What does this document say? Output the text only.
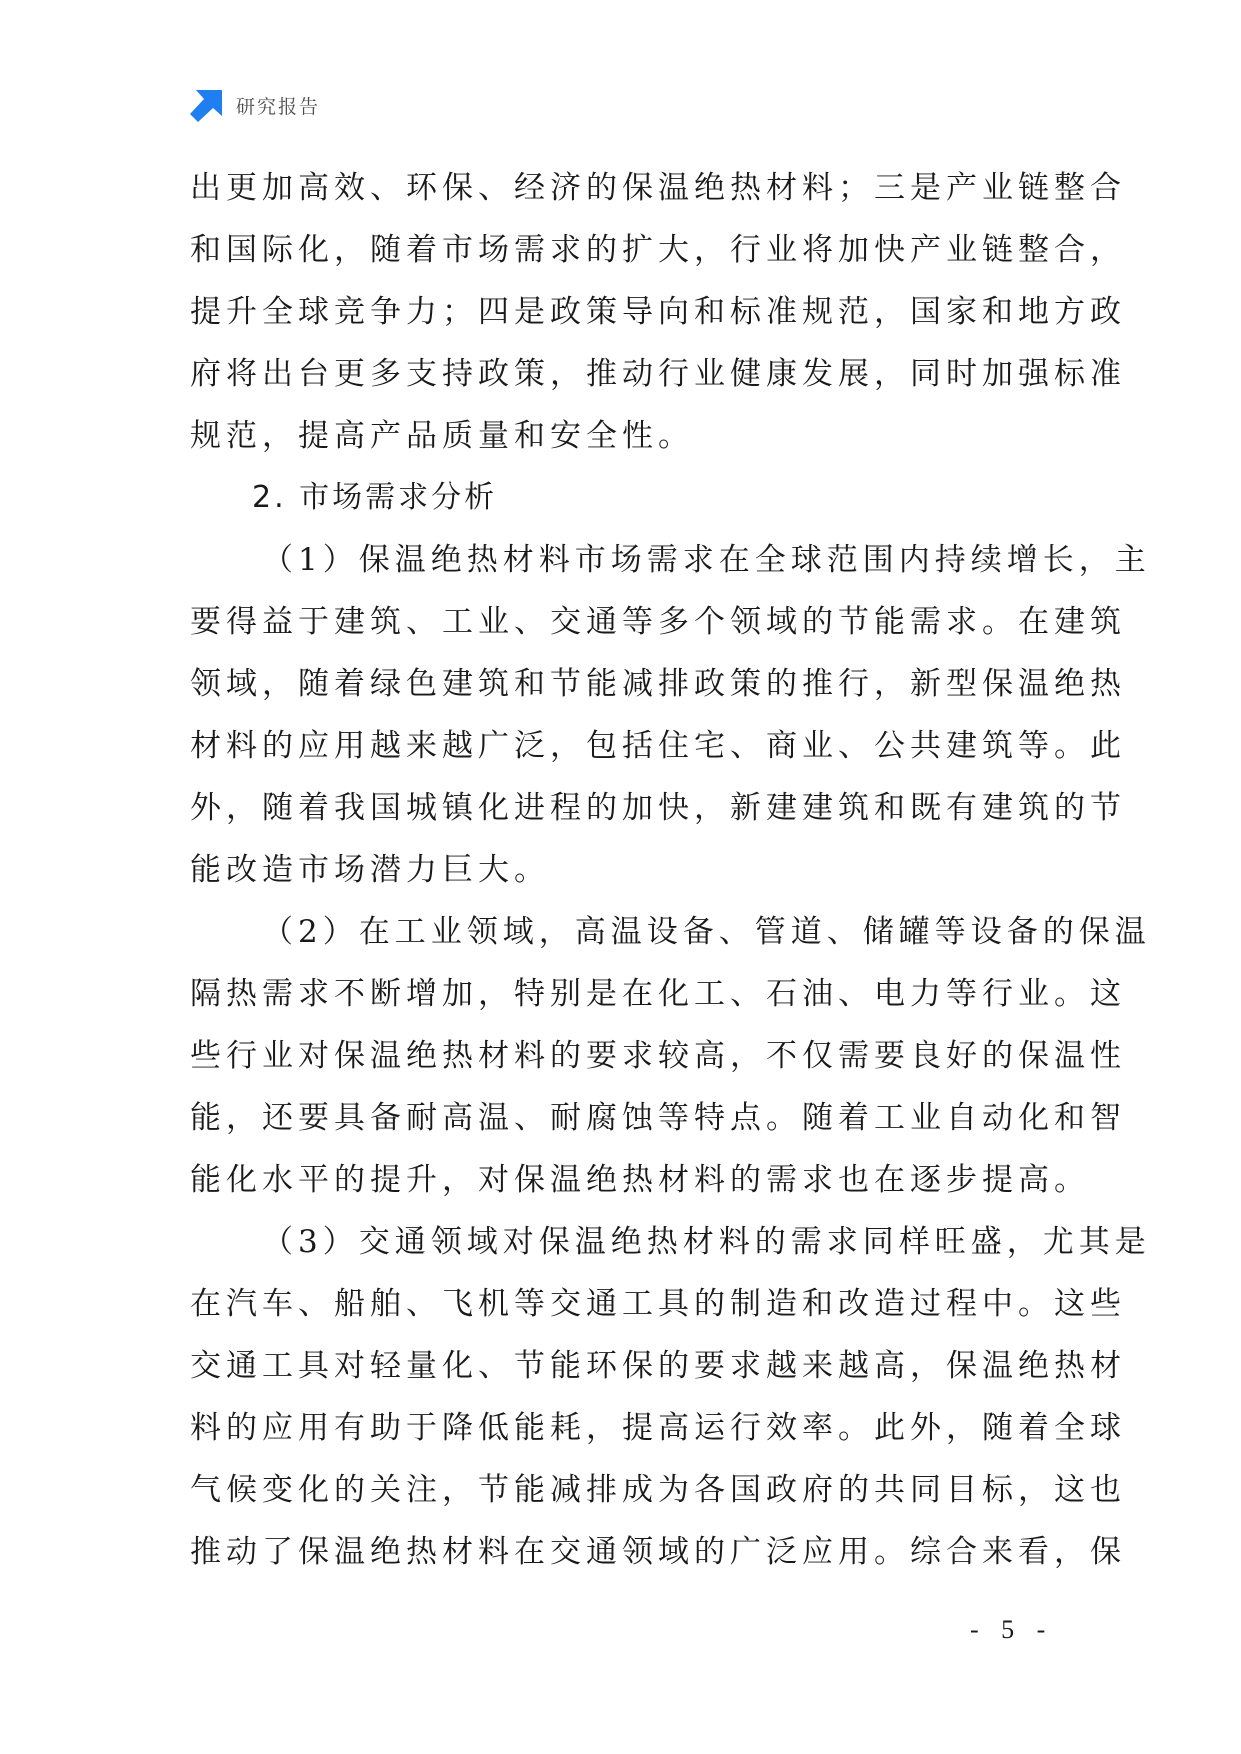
研究报告
出更加高效、环保、经济的保温绝热材料；三是产业链整合
和国际化，随着市场需求的扩大，行业将加快产业链整合，
提升全球竞争力；四是政策导向和标准规范，国家和地方政
府将出台更多支持政策，推动行业健康发展，同时加强标准
规范，提高产品质量和安全性。
2. 市场需求分析
（1）保温绝热材料市场需求在全球范围内持续增长，主
要得益于建筑、工业、交通等多个领域的节能需求。在建筑
领域，随着绿色建筑和节能减排政策的推行，新型保温绝热
材料的应用越来越广泛，包括住宅、商业、公共建筑等。此
外，随着我国城镇化进程的加快，新建建筑和既有建筑的节
能改造市场潜力巨大。
（2）在工业领域，高温设备、管道、储罐等设备的保温
隔热需求不断增加，特别是在化工、石油、电力等行业。这
些行业对保温绝热材料的要求较高，不仅需要良好的保温性
能，还要具备耐高温、耐腐蚀等特点。随着工业自动化和智
能化水平的提升，对保温绝热材料的需求也在逐步提高。
（3）交通领域对保温绝热材料的需求同样旺盛，尤其是
在汽车、船舶、飞机等交通工具的制造和改造过程中。这些
交通工具对轻量化、节能环保的要求越来越高，保温绝热材
料的应用有助于降低能耗，提高运行效率。此外，随着全球
气候变化的关注，节能减排成为各国政府的共同目标，这也
推动了保温绝热材料在交通领域的广泛应用。综合来看，保
- 5 -
